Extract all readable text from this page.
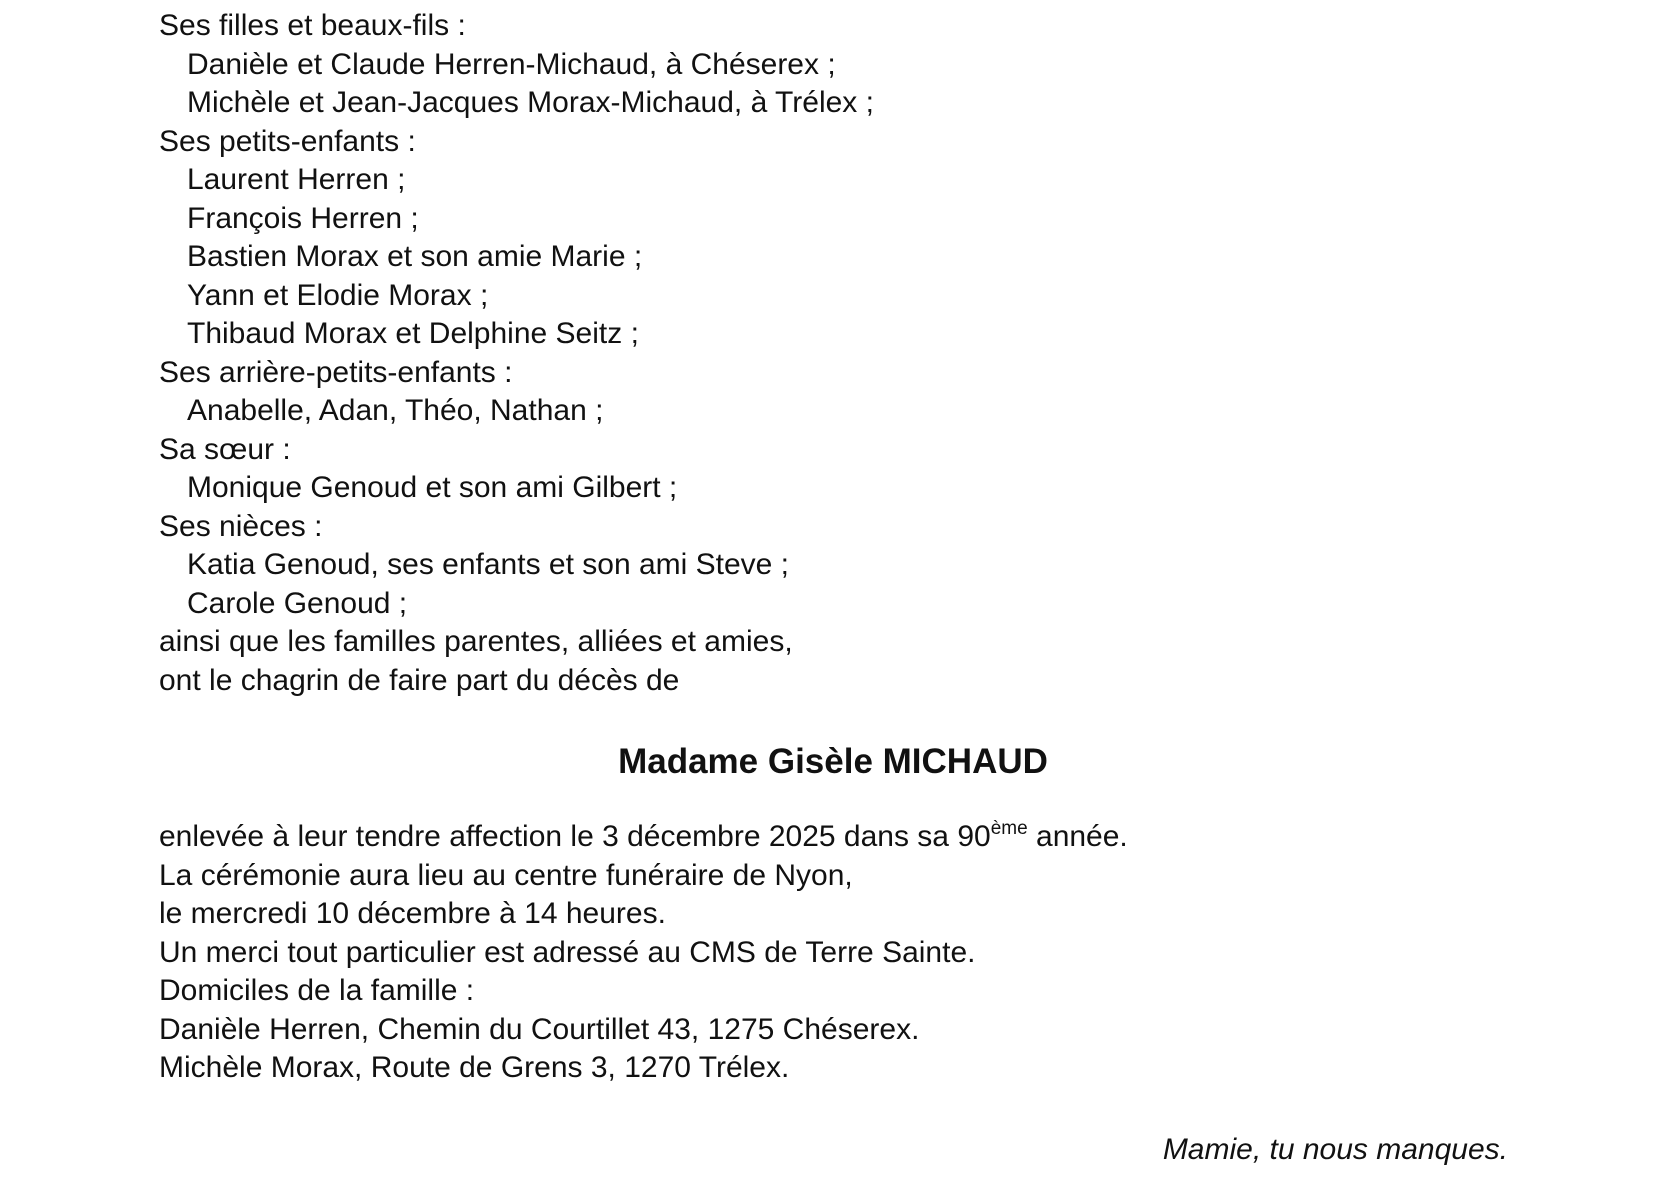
Ses filles et beaux-fils :
Danièle et Claude Herren-Michaud, à Chéserex ;
Michèle et Jean-Jacques Morax-Michaud, à Trélex ;
Ses petits-enfants :
Laurent Herren ;
François Herren ;
Bastien Morax et son amie Marie ;
Yann et Elodie Morax ;
Thibaud Morax et Delphine Seitz ;
Ses arrière-petits-enfants :
Anabelle, Adan, Théo, Nathan ;
Sa sœur :
Monique Genoud et son ami Gilbert ;
Ses nièces :
Katia Genoud, ses enfants et son ami Steve ;
Carole Genoud ;
ainsi que les familles parentes, alliées et amies,
ont le chagrin de faire part du décès de
Madame Gisèle MICHAUD
enlevée à leur tendre affection le 3 décembre 2025 dans sa 90ème année.
La cérémonie aura lieu au centre funéraire de Nyon,
le mercredi 10 décembre à 14 heures.
Un merci tout particulier est adressé au CMS de Terre Sainte.
Domiciles de la famille :
Danièle Herren, Chemin du Courtillet 43, 1275 Chéserex.
Michèle Morax, Route de Grens 3, 1270 Trélex.
Mamie, tu nous manques.
